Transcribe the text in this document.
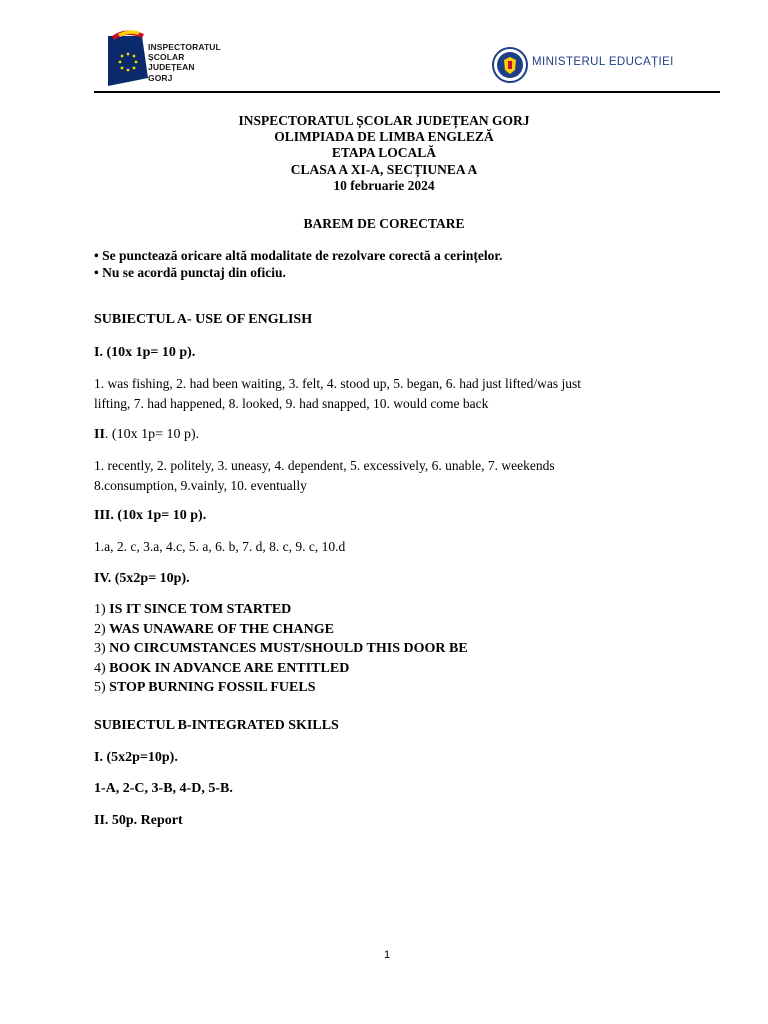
INSPECTORATUL
ȘCOLAR
JUDEȚEAN
GORJ
MINISTERUL EDUCAȚIEI
INSPECTORATUL ȘCOLAR JUDEȚEAN GORJ
OLIMPIADA DE LIMBA ENGLEZĂ
ETAPA LOCALĂ
CLASA A XI-A, SECȚIUNEA A
10 februarie 2024
BAREM DE CORECTARE
• Se punctează oricare altă modalitate de rezolvare corectă a cerințelor.
• Nu se acordă punctaj din oficiu.
SUBIECTUL A- USE OF ENGLISH
I. (10x 1p= 10 p).
1. was fishing, 2. had been waiting, 3. felt, 4. stood up, 5. began, 6. had just lifted/was just
lifting, 7. had happened, 8. looked, 9. had snapped, 10. would come back
II. (10x 1p= 10 p).
1. recently, 2. politely, 3. uneasy, 4. dependent, 5. excessively, 6. unable, 7. weekends
8.consumption, 9.vainly, 10. eventually
III. (10x 1p= 10 p).
1.a, 2. c, 3.a, 4.c, 5. a, 6. b, 7. d, 8. c, 9. c, 10.d
IV. (5x2p= 10p).
1) IS IT SINCE TOM STARTED
2) WAS UNAWARE OF THE CHANGE
3) NO CIRCUMSTANCES MUST/SHOULD THIS DOOR BE
4) BOOK IN ADVANCE ARE ENTITLED
5) STOP BURNING FOSSIL FUELS
SUBIECTUL B-INTEGRATED SKILLS
I. (5x2p=10p).
1-A, 2-C, 3-B, 4-D, 5-B.
II. 50p. Report
1
